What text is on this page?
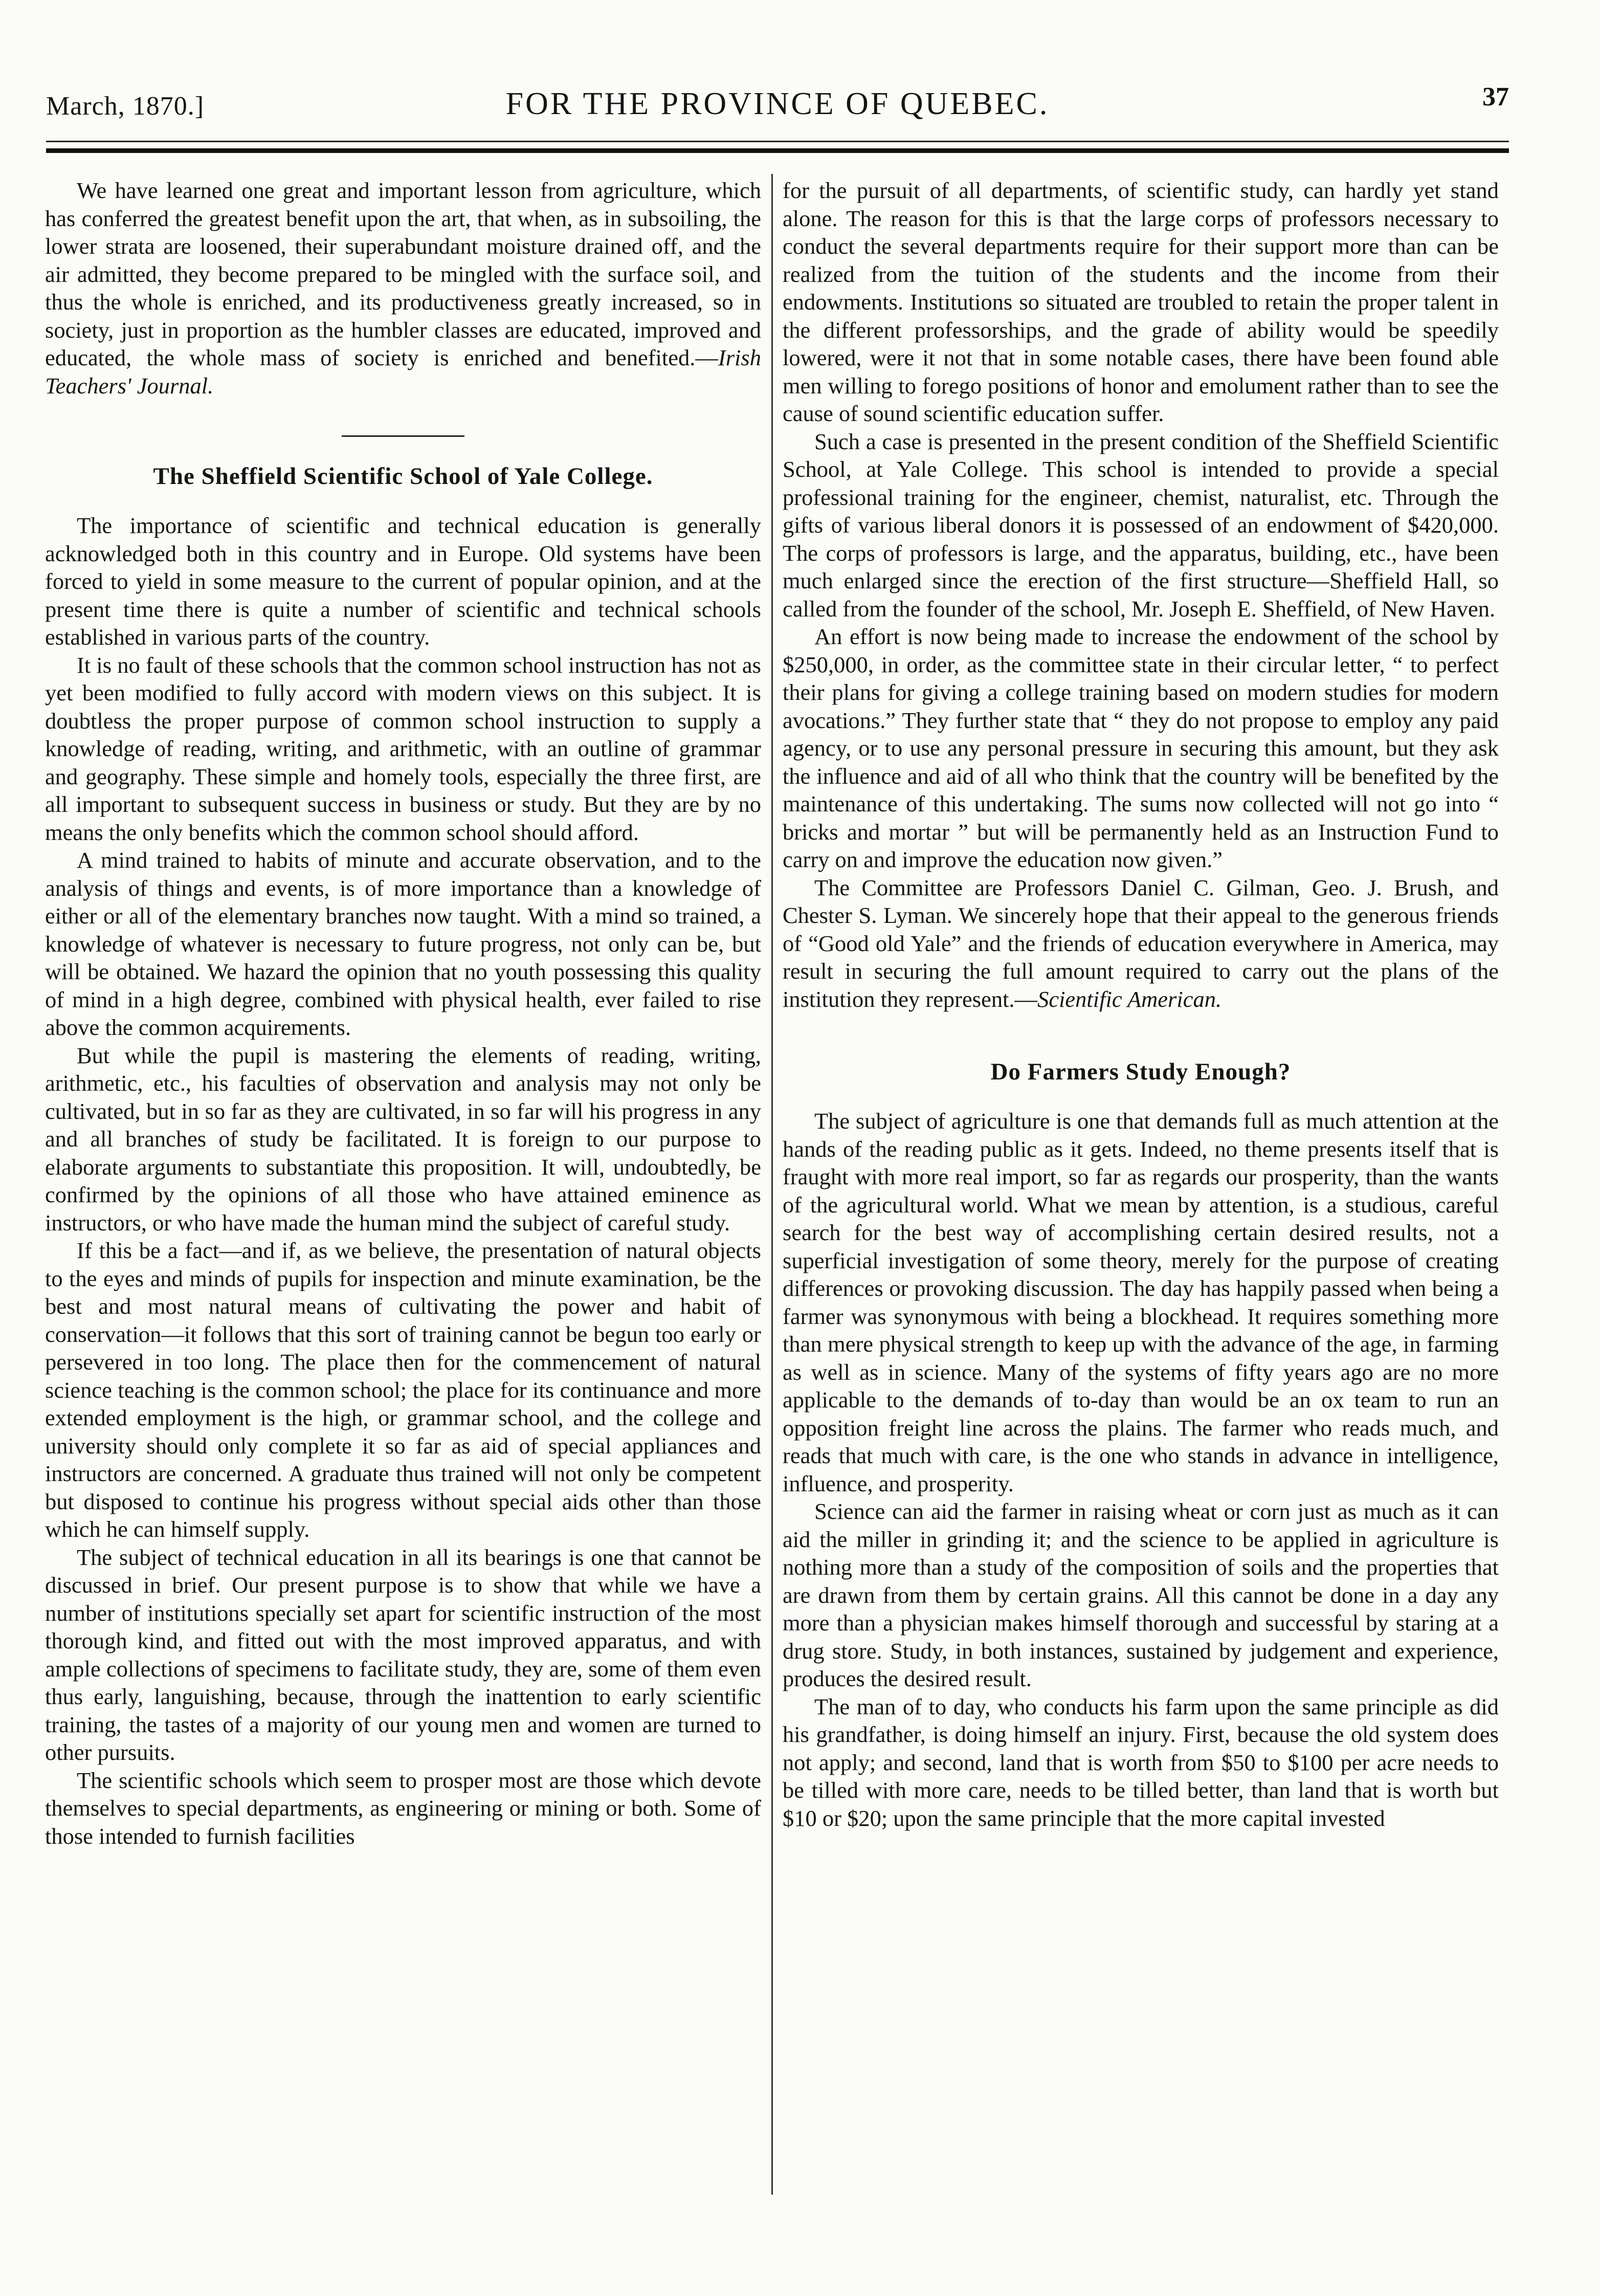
March, 1870.]	FOR THE PROVINCE OF QUEBEC.	37

We have learned one great and important lesson from agriculture, which has conferred the greatest benefit upon the art, that when, as in subsoiling, the lower strata are loosened, their superabundant moisture drained off, and the air admitted, they become prepared to be mingled with the surface soil, and thus the whole is enriched, and its productiveness greatly increased, so in society, just in proportion as the humbler classes are educated, improved and educated, the whole mass of society is enriched and benefited.—Irish Teachers' Journal.

The Sheffield Scientific School of Yale College.

The importance of scientific and technical education is generally acknowledged both in this country and in Europe. Old systems have been forced to yield in some measure to the current of popular opinion, and at the present time there is quite a number of scientific and technical schools established in various parts of the country.

It is no fault of these schools that the common school instruction has not as yet been modified to fully accord with modern views on this subject. It is doubtless the proper purpose of common school instruction to supply a knowledge of reading, writing, and arithmetic, with an outline of grammar and geography. These simple and homely tools, especially the three first, are all important to subsequent success in business or study. But they are by no means the only benefits which the common school should afford.

A mind trained to habits of minute and accurate observation, and to the analysis of things and events, is of more importance than a knowledge of either or all of the elementary branches now taught. With a mind so trained, a knowledge of whatever is necessary to future progress, not only can be, but will be obtained. We hazard the opinion that no youth possessing this quality of mind in a high degree, combined with physical health, ever failed to rise above the common acquirements.

But while the pupil is mastering the elements of reading, writing, arithmetic, etc., his faculties of observation and analysis may not only be cultivated, but in so far as they are cultivated, in so far will his progress in any and all branches of study be facilitated. It is foreign to our purpose to elaborate arguments to substantiate this proposition. It will, undoubtedly, be confirmed by the opinions of all those who have attained eminence as instructors, or who have made the human mind the subject of careful study.

If this be a fact—and if, as we believe, the presentation of natural objects to the eyes and minds of pupils for inspection and minute examination, be the best and most natural means of cultivating the power and habit of conservation—it follows that this sort of training cannot be begun too early or persevered in too long. The place then for the commencement of natural science teaching is the common school; the place for its continuance and more extended employment is the high, or grammar school, and the college and university should only complete it so far as aid of special appliances and instructors are concerned. A graduate thus trained will not only be competent but disposed to continue his progress without special aids other than those which he can himself supply.

The subject of technical education in all its bearings is one that cannot be discussed in brief. Our present purpose is to show that while we have a number of institutions specially set apart for scientific instruction of the most thorough kind, and fitted out with the most improved apparatus, and with ample collections of specimens to facilitate study, they are, some of them even thus early, languishing, because, through the inattention to early scientific training, the tastes of a majority of our young men and women are turned to other pursuits.

The scientific schools which seem to prosper most are those which devote themselves to special departments, as engineering or mining or both. Some of those intended to furnish facilities

for the pursuit of all departments, of scientific study, can hardly yet stand alone. The reason for this is that the large corps of professors necessary to conduct the several departments require for their support more than can be realized from the tuition of the students and the income from their endowments. Institutions so situated are troubled to retain the proper talent in the different professorships, and the grade of ability would be speedily lowered, were it not that in some notable cases, there have been found able men willing to forego positions of honor and emolument rather than to see the cause of sound scientific education suffer.

Such a case is presented in the present condition of the Sheffield Scientific School, at Yale College. This school is intended to provide a special professional training for the engineer, chemist, naturalist, etc. Through the gifts of various liberal donors it is possessed of an endowment of $420,000. The corps of professors is large, and the apparatus, building, etc., have been much enlarged since the erection of the first structure—Sheffield Hall, so called from the founder of the school, Mr. Joseph E. Sheffield, of New Haven.

An effort is now being made to increase the endowment of the school by $250,000, in order, as the committee state in their circular letter, “ to perfect their plans for giving a college training based on modern studies for modern avocations.” They further state that “ they do not propose to employ any paid agency, or to use any personal pressure in securing this amount, but they ask the influence and aid of all who think that the country will be benefited by the maintenance of this undertaking. The sums now collected will not go into “ bricks and mortar ” but will be permanently held as an Instruction Fund to carry on and improve the education now given.”

The Committee are Professors Daniel C. Gilman, Geo. J. Brush, and Chester S. Lyman. We sincerely hope that their appeal to the generous friends of “Good old Yale” and the friends of education everywhere in America, may result in securing the full amount required to carry out the plans of the institution they represent.—Scientific American.

Do Farmers Study Enough?

The subject of agriculture is one that demands full as much attention at the hands of the reading public as it gets. Indeed, no theme presents itself that is fraught with more real import, so far as regards our prosperity, than the wants of the agricultural world. What we mean by attention, is a studious, careful search for the best way of accomplishing certain desired results, not a superficial investigation of some theory, merely for the purpose of creating differences or provoking discussion. The day has happily passed when being a farmer was synonymous with being a blockhead. It requires something more than mere physical strength to keep up with the advance of the age, in farming as well as in science. Many of the systems of fifty years ago are no more applicable to the demands of to-day than would be an ox team to run an opposition freight line across the plains. The farmer who reads much, and reads that much with care, is the one who stands in advance in intelligence, influence, and prosperity.

Science can aid the farmer in raising wheat or corn just as much as it can aid the miller in grinding it; and the science to be applied in agriculture is nothing more than a study of the composition of soils and the properties that are drawn from them by certain grains. All this cannot be done in a day any more than a physician makes himself thorough and successful by staring at a drug store. Study, in both instances, sustained by judgement and experience, produces the desired result.

The man of to day, who conducts his farm upon the same principle as did his grandfather, is doing himself an injury. First, because the old system does not apply; and second, land that is worth from $50 to $100 per acre needs to be tilled with more care, needs to be tilled better, than land that is worth but $10 or $20; upon the same principle that the more capital invested
